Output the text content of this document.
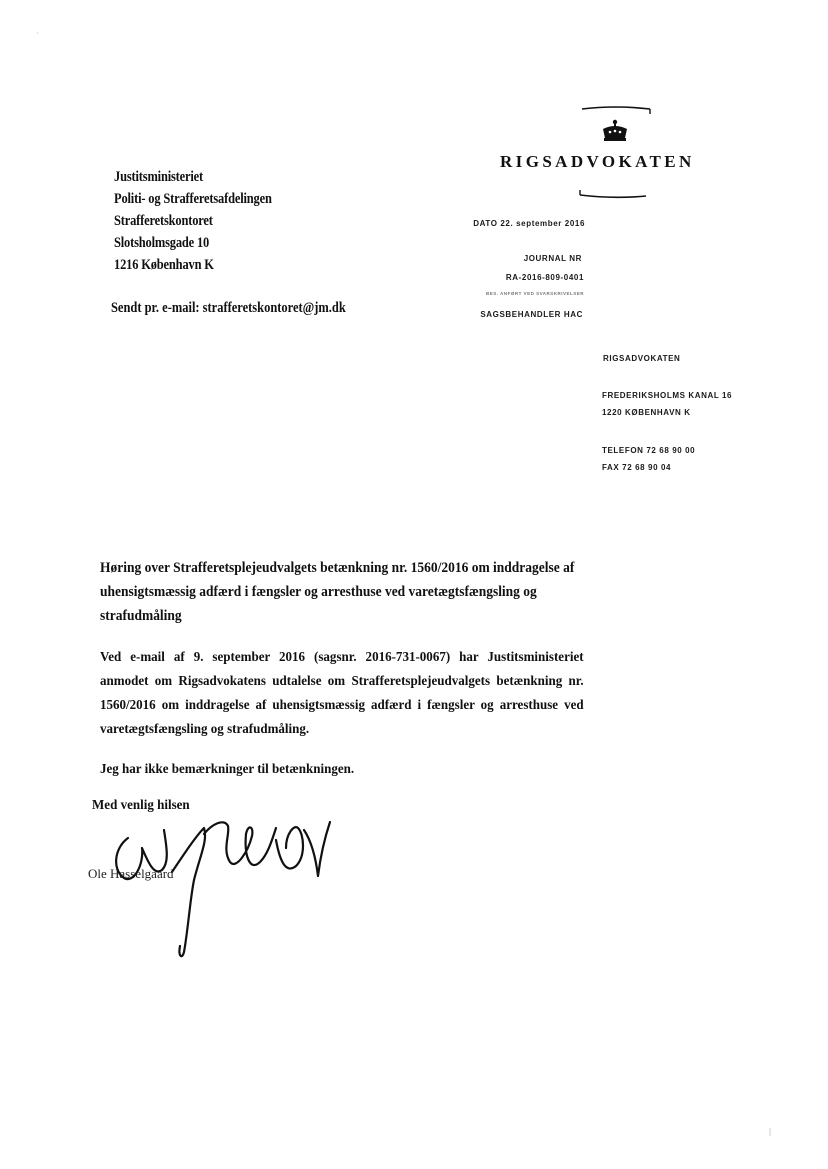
Justitsministeriet
Politi- og Strafferetsafdelingen
Strafferetskontoret
Slotsholmsgade 10
1216 København K
Sendt pr. e-mail: strafferetskontoret@jm.dk
RIGSADVOKATEN
DATO 22. september 2016
JOURNAL NR
RA-2016-809-0401
BES. ANFØRT VED SVARSKRIVELSER
SAGSBEHANDLER HAC
RIGSADVOKATEN
FREDERIKSHOLMS KANAL 16
1220 KØBENHAVN K
TELEFON 72 68 90 00
FAX 72 68 90 04
Høring over Strafferetsplejeudvalgets betænkning nr. 1560/2016 om inddragelse af uhensigtsmæssig adfærd i fængsler og arresthuse ved varetægtsfængsling og strafudmåling
Ved e-mail af 9. september 2016 (sagsnr. 2016-731-0067) har Justitsministeriet anmodet om Rigsadvokatens udtalelse om Strafferetsplejeudvalgets betænkning nr. 1560/2016 om inddragelse af uhensigtsmæssig adfærd i fængsler og arresthuse ved varetægtsfængsling og strafudmåling.
Jeg har ikke bemærkninger til betænkningen.
Med venlig hilsen
Ole Hasselgaard
